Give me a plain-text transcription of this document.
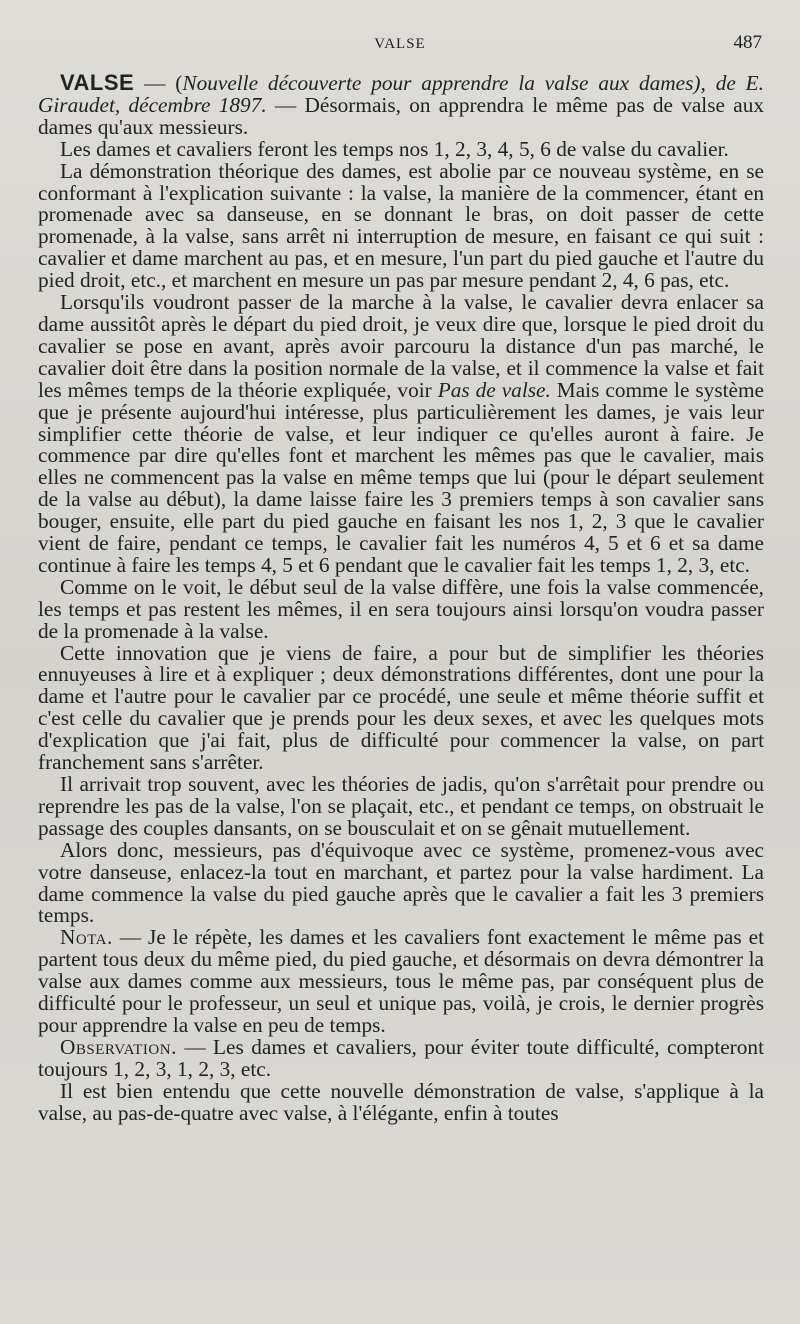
VALSE	487

VALSE — (Nouvelle découverte pour apprendre la valse aux dames), de E. Giraudet, décembre 1897. — Désormais, on apprendra le même pas de valse aux dames qu'aux messieurs.

Les dames et cavaliers feront les temps nos 1, 2, 3, 4, 5, 6 de valse du cavalier.

La démonstration théorique des dames, est abolie par ce nouveau système, en se conformant à l'explication suivante : la valse, la manière de la commencer, étant en promenade avec sa danseuse, en se donnant le bras, on doit passer de cette promenade, à la valse, sans arrêt ni interruption de mesure, en faisant ce qui suit : cavalier et dame marchent au pas, et en mesure, l'un part du pied gauche et l'autre du pied droit, etc., et marchent en mesure un pas par mesure pendant 2, 4, 6 pas, etc.

Lorsqu'ils voudront passer de la marche à la valse, le cavalier devra enlacer sa dame aussitôt après le départ du pied droit, je veux dire que, lorsque le pied droit du cavalier se pose en avant, après avoir parcouru la distance d'un pas marché, le cavalier doit être dans la position normale de la valse, et il commence la valse et fait les mêmes temps de la théorie expliquée, voir Pas de valse. Mais comme le système que je présente aujourd'hui intéresse, plus particulièrement les dames, je vais leur simplifier cette théorie de valse, et leur indiquer ce qu'elles auront à faire. Je commence par dire qu'elles font et marchent les mêmes pas que le cavalier, mais elles ne commencent pas la valse en même temps que lui (pour le départ seulement de la valse au début), la dame laisse faire les 3 premiers temps à son cavalier sans bouger, ensuite, elle part du pied gauche en faisant les nos 1, 2, 3 que le cavalier vient de faire, pendant ce temps, le cavalier fait les numéros 4, 5 et 6 et sa dame continue à faire les temps 4, 5 et 6 pendant que le cavalier fait les temps 1, 2, 3, etc.

Comme on le voit, le début seul de la valse diffère, une fois la valse commencée, les temps et pas restent les mêmes, il en sera toujours ainsi lorsqu'on voudra passer de la promenade à la valse.

Cette innovation que je viens de faire, a pour but de simplifier les théories ennuyeuses à lire et à expliquer ; deux démonstrations différentes, dont une pour la dame et l'autre pour le cavalier par ce procédé, une seule et même théorie suffit et c'est celle du cavalier que je prends pour les deux sexes, et avec les quelques mots d'explication que j'ai fait, plus de difficulté pour commencer la valse, on part franchement sans s'arrêter.

Il arrivait trop souvent, avec les théories de jadis, qu'on s'arrêtait pour prendre ou reprendre les pas de la valse, l'on se plaçait, etc., et pendant ce temps, on obstruait le passage des couples dansants, on se bousculait et on se gênait mutuellement.

Alors donc, messieurs, pas d'équivoque avec ce système, promenez-vous avec votre danseuse, enlacez-la tout en marchant, et partez pour la valse hardiment. La dame commence la valse du pied gauche après que le cavalier a fait les 3 premiers temps.

Nota. — Je le répète, les dames et les cavaliers font exactement le même pas et partent tous deux du même pied, du pied gauche, et désormais on devra démontrer la valse aux dames comme aux messieurs, tous le même pas, par conséquent plus de difficulté pour le professeur, un seul et unique pas, voilà, je crois, le dernier progrès pour apprendre la valse en peu de temps.

Observation. — Les dames et cavaliers, pour éviter toute difficulté, compteront toujours 1, 2, 3, 1, 2, 3, etc.

Il est bien entendu que cette nouvelle démonstration de valse, s'applique à la valse, au pas-de-quatre avec valse, à l'élégante, enfin à toutes
